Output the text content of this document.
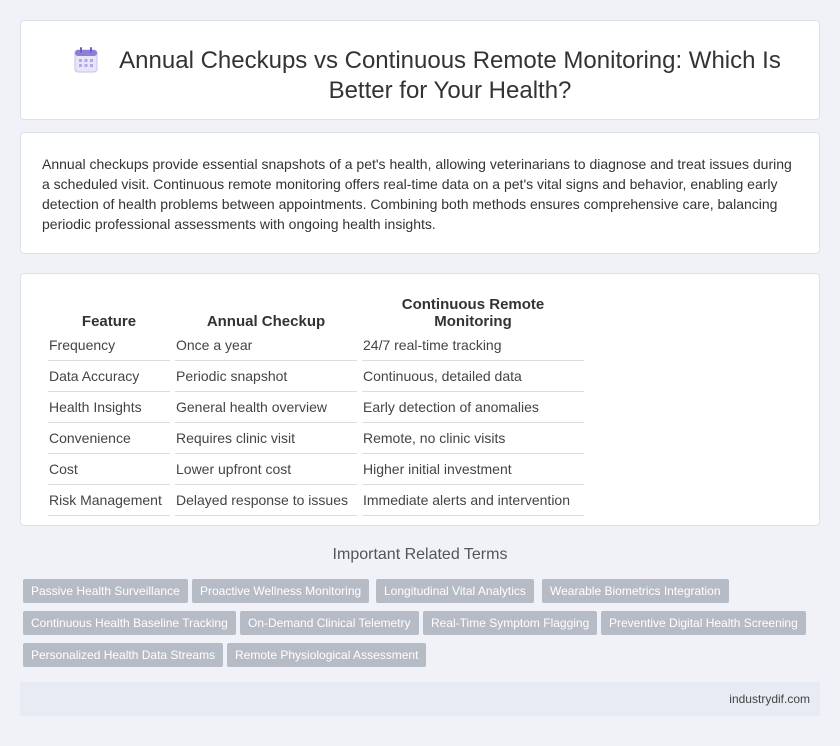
Annual Checkups vs Continuous Remote Monitoring: Which Is Better for Your Health?

Annual checkups provide essential snapshots of a pet's health, allowing veterinarians to diagnose and treat issues during a scheduled visit. Continuous remote monitoring offers real-time data on a pet's vital signs and behavior, enabling early detection of health problems between appointments. Combining both methods ensures comprehensive care, balancing periodic professional assessments with ongoing health insights.

Feature	Annual Checkup	Continuous Remote Monitoring
Frequency	Once a year	24/7 real-time tracking
Data Accuracy	Periodic snapshot	Continuous, detailed data
Health Insights	General health overview	Early detection of anomalies
Convenience	Requires clinic visit	Remote, no clinic visits
Cost	Lower upfront cost	Higher initial investment
Risk Management	Delayed response to issues	Immediate alerts and intervention
Important Related Terms
Passive Health Surveillance	Proactive Wellness Monitoring	Longitudinal Vital Analytics	Wearable Biometrics Integration
Continuous Health Baseline Tracking	On-Demand Clinical Telemetry	Real-Time Symptom Flagging	Preventive Digital Health Screening
Personalized Health Data Streams	Remote Physiological Assessment
industrydif.com
